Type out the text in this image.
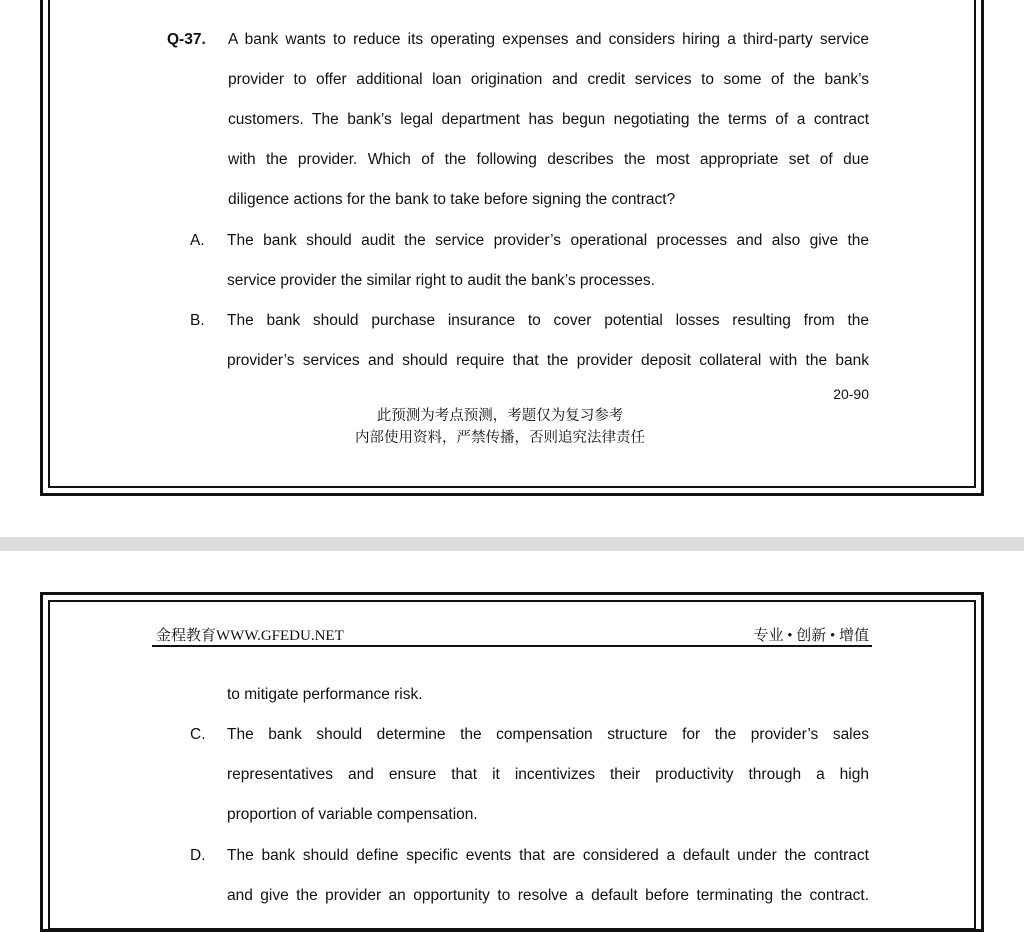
Q-37. A bank wants to reduce its operating expenses and considers hiring a third-party service
provider to offer additional loan origination and credit services to some of the bank’s
customers. The bank’s legal department has begun negotiating the terms of a contract
with the provider. Which of the following describes the most appropriate set of due
diligence actions for the bank to take before signing the contract?
A. The bank should audit the service provider’s operational processes and also give the
service provider the similar right to audit the bank’s processes.
B. The bank should purchase insurance to cover potential losses resulting from the
provider’s services and should require that the provider deposit collateral with the bank
20-90
此预测为考点预测，考题仅为复习参考
内部使用资料，严禁传播，否则追究法律责任
金程教育WWW.GFEDU.NET	专业 • 创新 • 增值
to mitigate performance risk.
C. The bank should determine the compensation structure for the provider’s sales
representatives and ensure that it incentivizes their productivity through a high
proportion of variable compensation.
D. The bank should define specific events that are considered a default under the contract
and give the provider an opportunity to resolve a default before terminating the contract.
